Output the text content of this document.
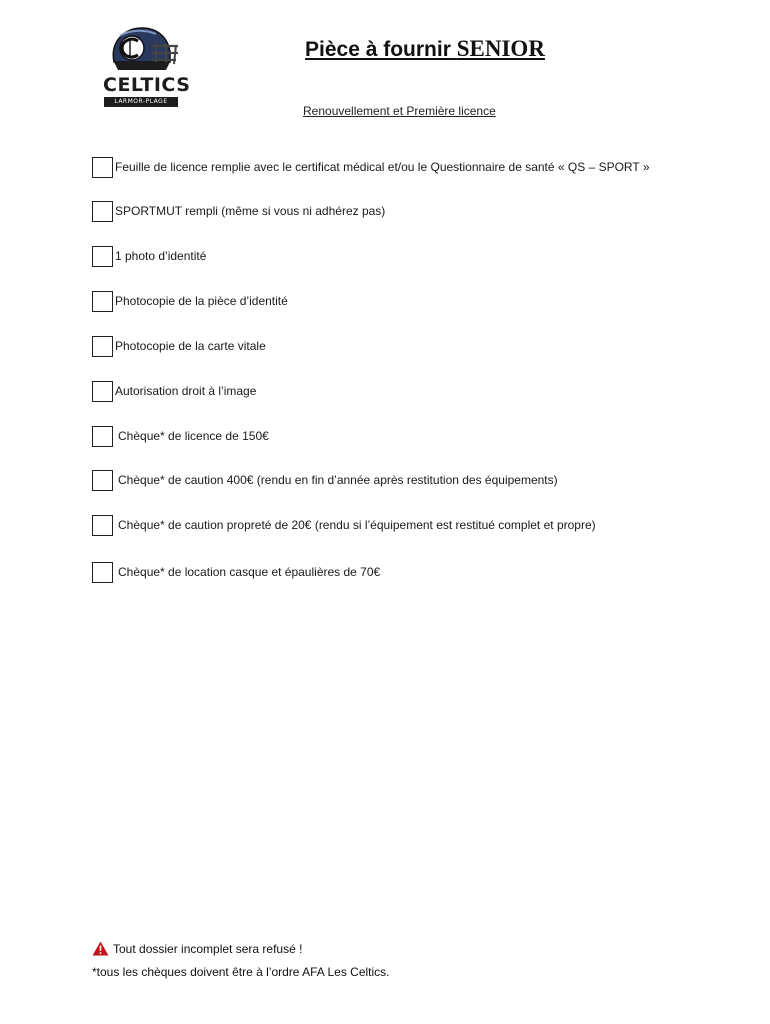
CELTICS
LARMOR-PLAGE
Pièce à fournir SENIOR
Renouvellement et Première licence
Feuille de licence remplie avec le certificat médical et/ou le Questionnaire de santé « QS – SPORT »
SPORTMUT rempli (même si vous ni adhérez pas)
1 photo d’identité
Photocopie de la pièce d’identité
Photocopie de la carte vitale
Autorisation droit à l’image
Chèque* de licence de 150€
Chèque* de caution 400€ (rendu en fin d’année après restitution des équipements)
Chèque* de caution propreté de 20€ (rendu si l’équipement est restitué complet et propre)
Chèque* de location casque et épaulières de 70€
Tout dossier incomplet sera refusé !
*tous les chèques doivent être à l’ordre AFA Les Celtics.
